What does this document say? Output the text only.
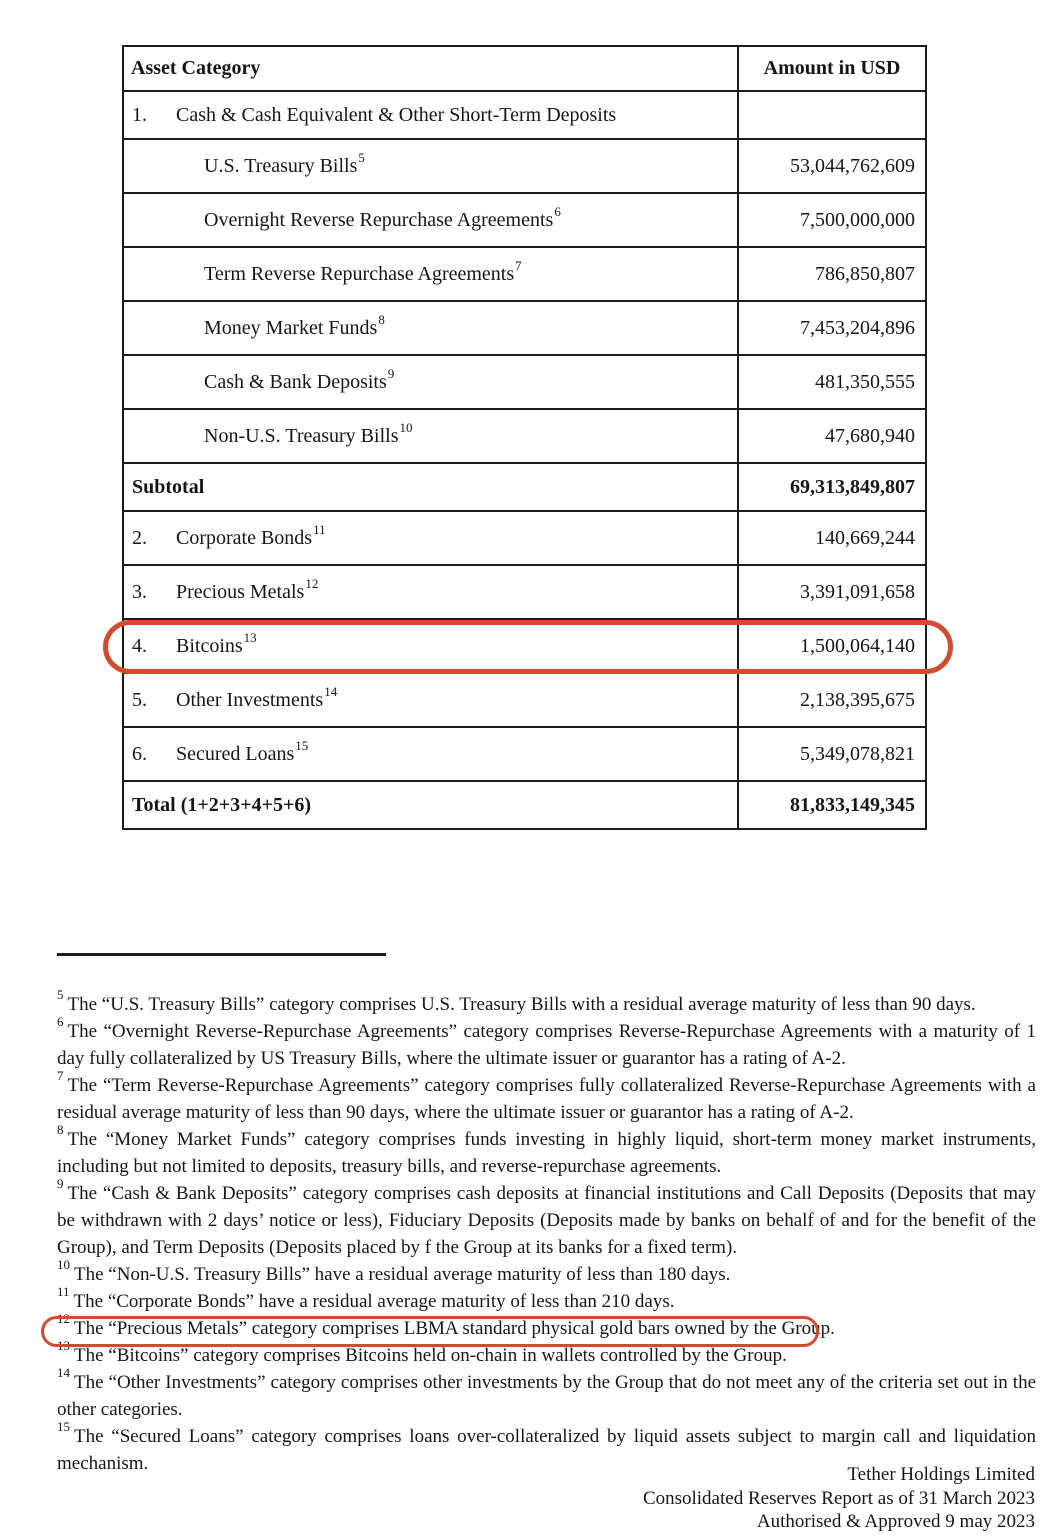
Asset Category	Amount in USD
1. Cash & Cash Equivalent & Other Short-Term Deposits	
U.S. Treasury Bills$^5$	53,044,762,609
Overnight Reverse Repurchase Agreements$^6$	7,500,000,000
Term Reverse Repurchase Agreements$^7$	786,850,807
Money Market Funds$^8$	7,453,204,896
Cash & Bank Deposits$^9$	481,350,555
Non-U.S. Treasury Bills$^{10}$	47,680,940
Subtotal	69,313,849,807
2. Corporate Bonds$^{11}$	140,669,244
3. Precious Metals$^{12}$	3,391,091,658
4. Bitcoins$^{13}$	1,500,064,140
5. Other Investments$^{14}$	2,138,395,675
6. Secured Loans$^{15}$	5,349,078,821
Total (1+2+3+4+5+6)	81,833,149,345

$^5$ The “U.S. Treasury Bills” category comprises U.S. Treasury Bills with a residual average maturity of less than 90 days.

$^6$ The “Overnight Reverse-Repurchase Agreements” category comprises Reverse-Repurchase Agreements with a maturity of 1 day fully collateralized by US Treasury Bills, where the ultimate issuer or guarantor has a rating of A-2.

$^7$ The “Term Reverse-Repurchase Agreements” category comprises fully collateralized Reverse-Repurchase Agreements with a residual average maturity of less than 90 days, where the ultimate issuer or guarantor has a rating of A-2.

$^8$ The “Money Market Funds” category comprises funds investing in highly liquid, short-term money market instruments, including but not limited to deposits, treasury bills, and reverse-repurchase agreements.

$^9$ The “Cash & Bank Deposits” category comprises cash deposits at financial institutions and Call Deposits (Deposits that may be withdrawn with 2 days’ notice or less), Fiduciary Deposits (Deposits made by banks on behalf of and for the benefit of the Group), and Term Deposits (Deposits placed by f the Group at its banks for a fixed term).

$^{10}$ The “Non-U.S. Treasury Bills” have a residual average maturity of less than 180 days.

$^{11}$ The “Corporate Bonds” have a residual average maturity of less than 210 days.

$^{12}$ The “Precious Metals” category comprises LBMA standard physical gold bars owned by the Group.

$^{13}$ The “Bitcoins” category comprises Bitcoins held on-chain in wallets controlled by the Group.

$^{14}$ The “Other Investments” category comprises other investments by the Group that do not meet any of the criteria set out in the other categories.

$^{15}$ The “Secured Loans” category comprises loans over-collateralized by liquid assets subject to margin call and liquidation mechanism.

Tether Holdings Limited
Consolidated Reserves Report as of 31 March 2023
Authorised & Approved 9 may 2023
